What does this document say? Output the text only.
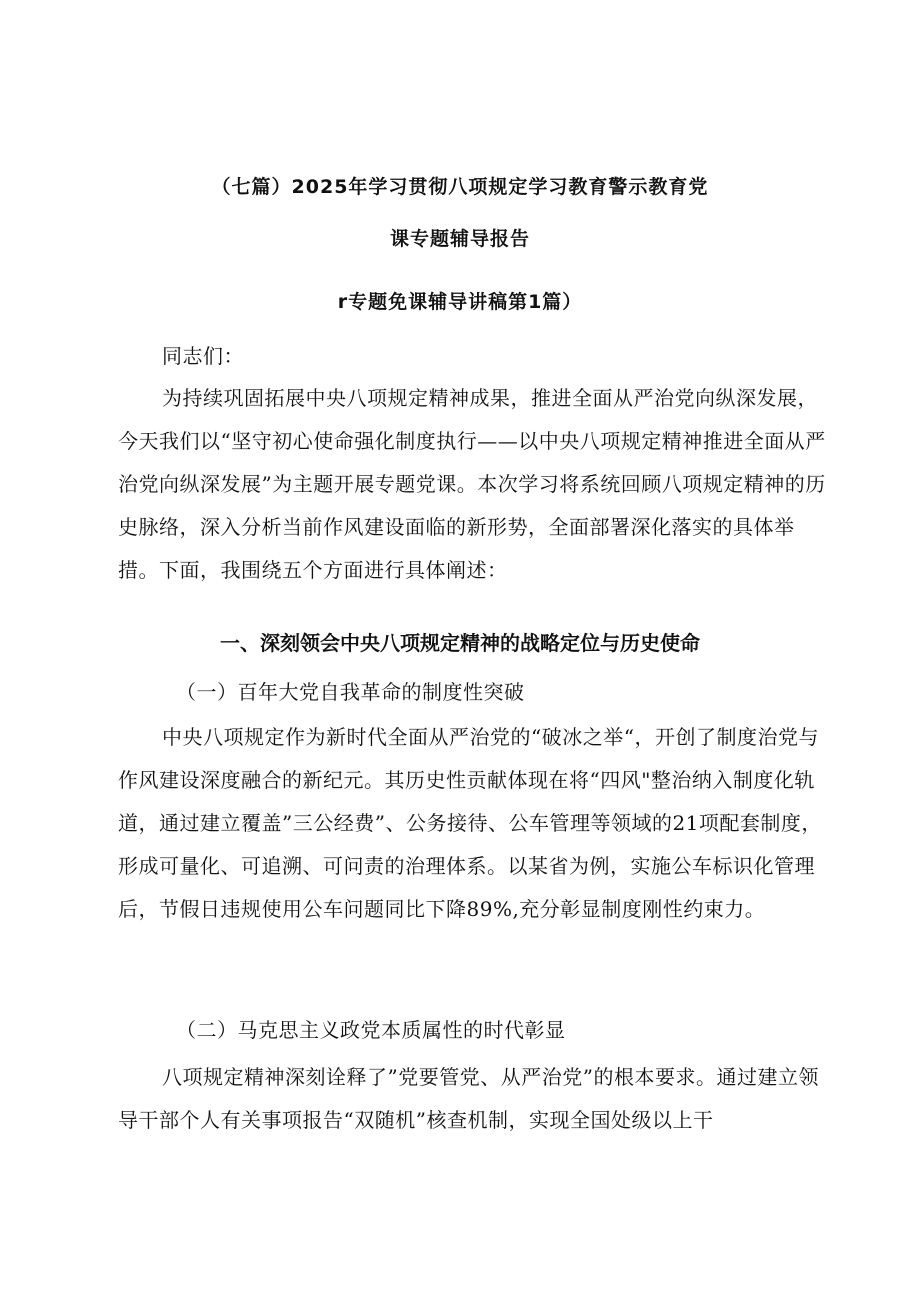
（七篇）2025年学习贯彻八项规定学习教育警示教育党
课专题辅导报告
r专题免课辅导讲稿第1篇）
同志们：

为持续巩固拓展中央八项规定精神成果，推进全面从严治党向纵深发展，今天我们以“坚守初心使命强化制度执行——以中央八项规定精神推进全面从严治党向纵深发展”为主题开展专题党课。本次学习将系统回顾八项规定精神的历史脉络，深入分析当前作风建设面临的新形势，全面部署深化落实的具体举措。下面，我围绕五个方面进行具体阐述：

一、深刻领会中央八项规定精神的战略定位与历史使命
（一）百年大党自我革命的制度性突破

中央八项规定作为新时代全面从严治党的“破冰之举“，开创了制度治党与作风建设深度融合的新纪元。其历史性贡献体现在将“四风"整治纳入制度化轨道，通过建立覆盖”三公经费”、公务接待、公车管理等领域的21项配套制度，形成可量化、可追溯、可问责的治理体系。以某省为例，实施公车标识化管理后，节假日违规使用公车问题同比下降89%,充分彰显制度刚性约束力。

（二）马克思主义政党本质属性的时代彰显

八项规定精神深刻诠释了”党要管党、从严治党”的根本要求。通过建立领导干部个人有关事项报告“双随机”核查机制，实现全国处级以上干
